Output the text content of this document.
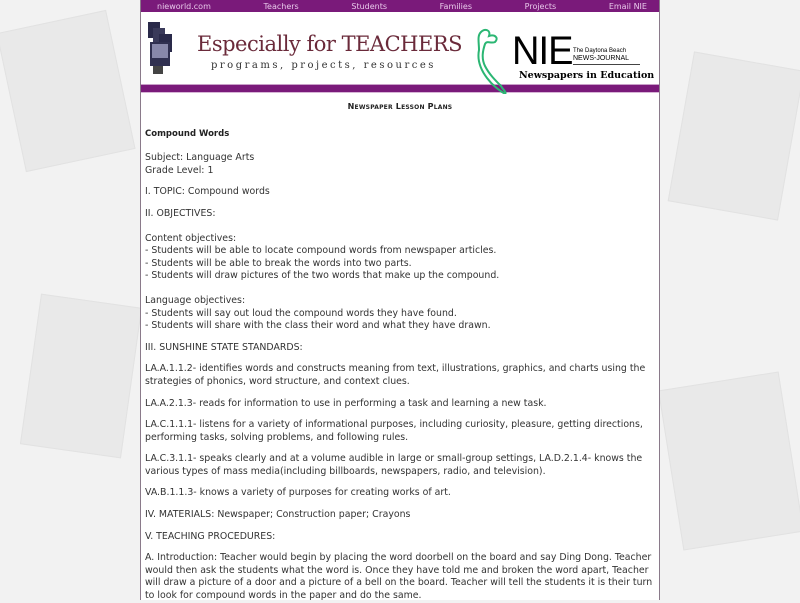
nieworld.com	Teachers	Students	Families	Projects	Email NIE
Especially for TEACHERS
programs, projects, resources NIE The Daytona Beach
NEWS-JOURNAL
Newspapers in Education
Newspaper Lesson Plans
Compound Words

Subject: Language Arts
Grade Level: 1

I. TOPIC: Compound words

II. OBJECTIVES:

Content objectives:
- Students will be able to locate compound words from newspaper articles.
- Students will be able to break the words into two parts.
- Students will draw pictures of the two words that make up the compound.

Language objectives:
- Students will say out loud the compound words they have found.
- Students will share with the class their word and what they have drawn.

III. SUNSHINE STATE STANDARDS:

LA.A.1.1.2- identifies words and constructs meaning from text, illustrations, graphics, and charts using the strategies of phonics, word structure, and context clues.

LA.A.2.1.3- reads for information to use in performing a task and learning a new task.

LA.C.1.1.1- listens for a variety of informational purposes, including curiosity, pleasure, getting directions, performing tasks, solving problems, and following rules.

LA.C.3.1.1- speaks clearly and at a volume audible in large or small-group settings, LA.D.2.1.4- knows the various types of mass media(including billboards, newspapers, radio, and television).

VA.B.1.1.3- knows a variety of purposes for creating works of art.

IV. MATERIALS: Newspaper; Construction paper; Crayons

V. TEACHING PROCEDURES:

A. Introduction: Teacher would begin by placing the word doorbell on the board and say Ding Dong. Teacher would then ask the students what the word is. Once they have told me and broken the word apart, Teacher will draw a picture of a door and a picture of a bell on the board. Teacher will tell the students it is their turn to look for compound words in the paper and do the same.
